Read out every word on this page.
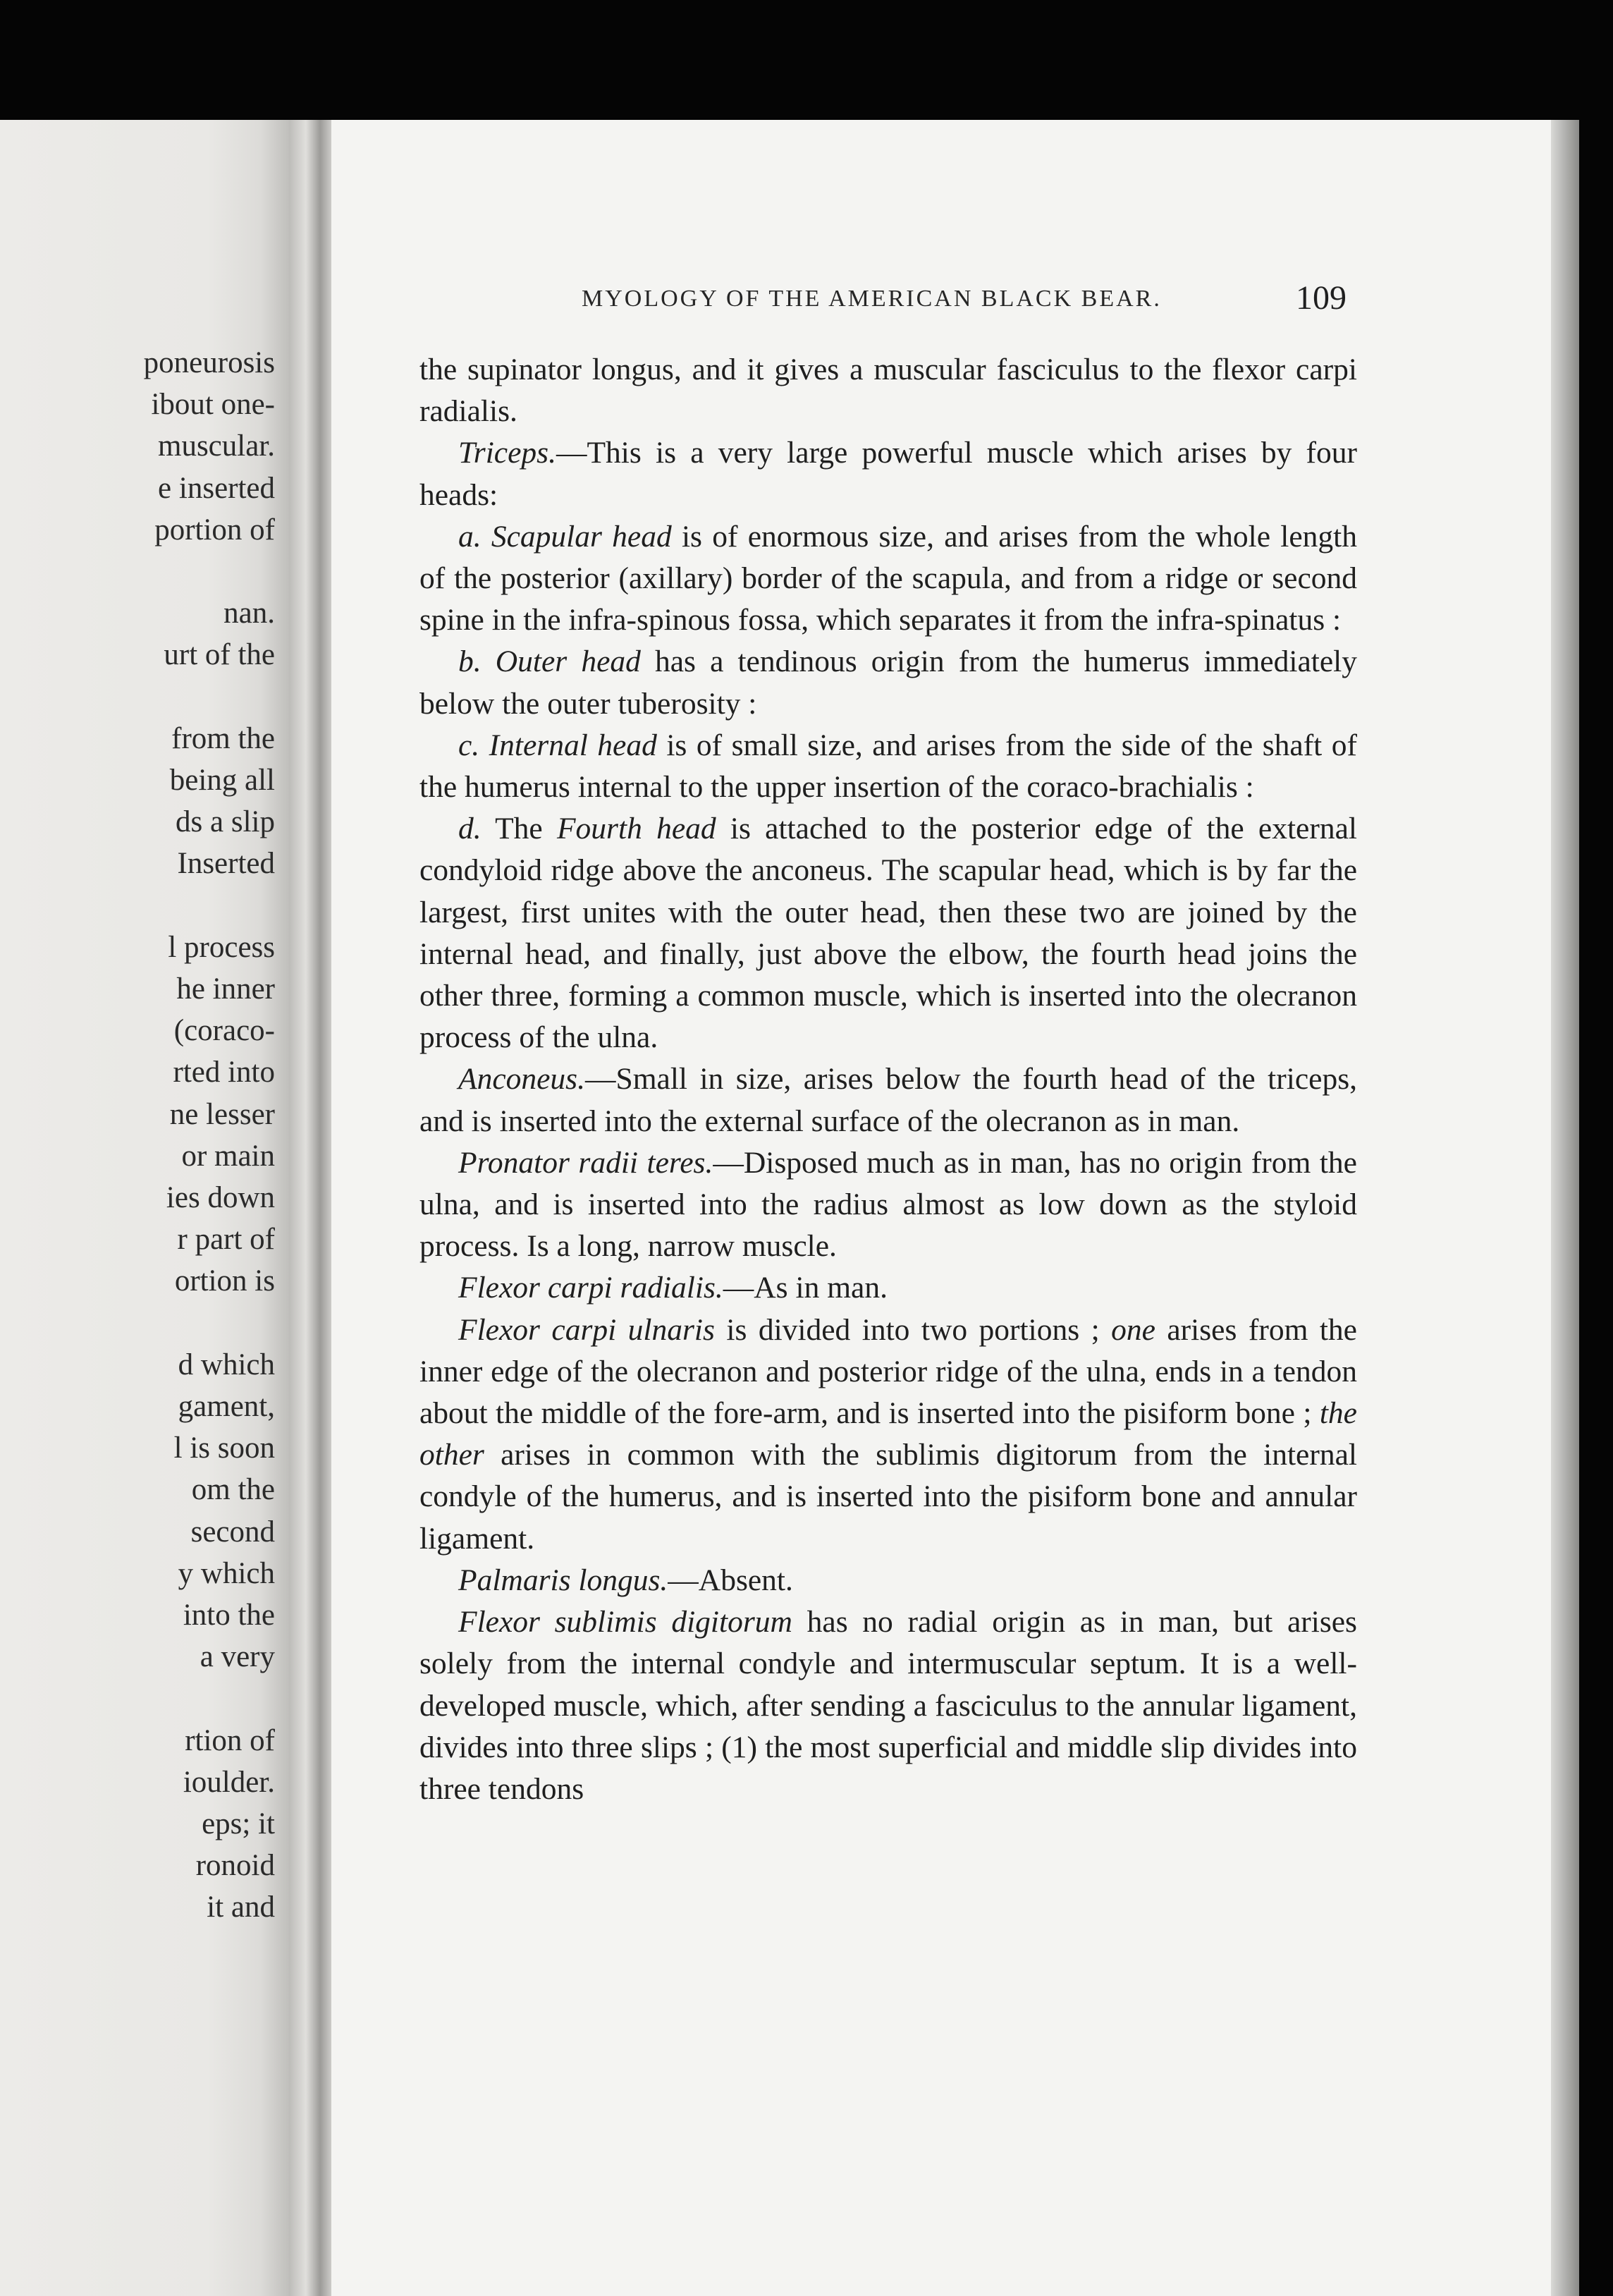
poneurosis
ibout one-
muscular.
e inserted
portion of
nan.
urt of the
from the
being all
ds a slip
Inserted
l process
he inner
(coraco-
rted into
ne lesser
or main
ies down
r part of
ortion is
d which
gament,
l is soon
om the
second
y which
into the
a very
rtion of
ioulder.
eps; it
ronoid
it and
MYOLOGY OF THE AMERICAN BLACK BEAR.	109

the supinator longus, and it gives a muscular fasciculus to the flexor carpi radialis.

Triceps.—This is a very large powerful muscle which arises by four heads:

a. Scapular head is of enormous size, and arises from the whole length of the posterior (axillary) border of the scapula, and from a ridge or second spine in the infra-spinous fossa, which separates it from the infra-spinatus :

b. Outer head has a tendinous origin from the humerus immediately below the outer tuberosity :

c. Internal head is of small size, and arises from the side of the shaft of the humerus internal to the upper insertion of the coraco-brachialis :

d. The Fourth head is attached to the posterior edge of the external condyloid ridge above the anconeus. The scapular head, which is by far the largest, first unites with the outer head, then these two are joined by the internal head, and finally, just above the elbow, the fourth head joins the other three, forming a common muscle, which is inserted into the olecranon process of the ulna.

Anconeus.—Small in size, arises below the fourth head of the triceps, and is inserted into the external surface of the olecranon as in man.

Pronator radii teres.—Disposed much as in man, has no origin from the ulna, and is inserted into the radius almost as low down as the styloid process. Is a long, narrow muscle.

Flexor carpi radialis.—As in man.

Flexor carpi ulnaris is divided into two portions ; one arises from the inner edge of the olecranon and posterior ridge of the ulna, ends in a tendon about the middle of the fore-arm, and is inserted into the pisiform bone ; the other arises in common with the sublimis digitorum from the internal condyle of the humerus, and is inserted into the pisiform bone and annular ligament.

Palmaris longus.—Absent.

Flexor sublimis digitorum has no radial origin as in man, but arises solely from the internal condyle and intermuscular septum. It is a well-developed muscle, which, after sending a fasciculus to the annular ligament, divides into three slips ; (1) the most superficial and middle slip divides into three tendons
